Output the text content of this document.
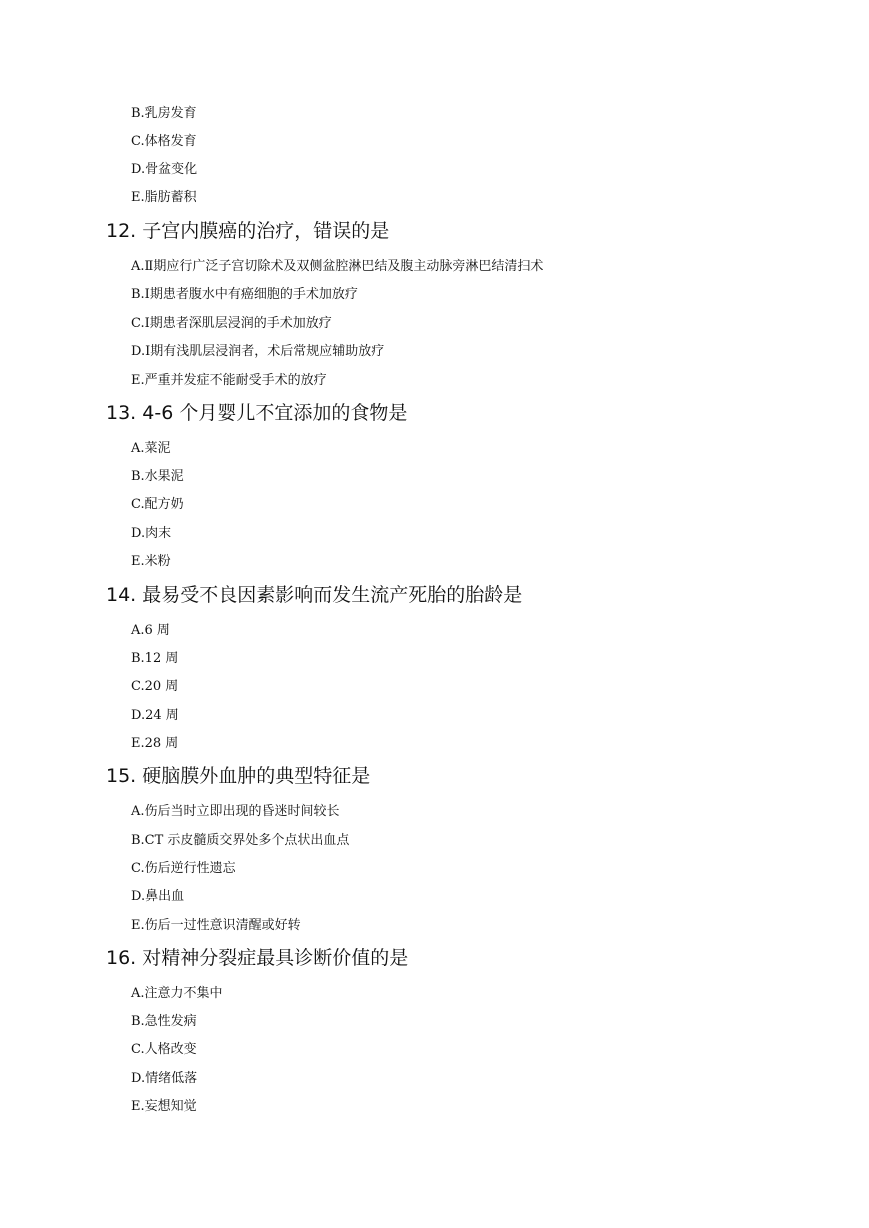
B.乳房发育
C.体格发育
D.骨盆变化
E.脂肪蓄积
12. 子宫内膜癌的治疗，错误的是
A.Ⅱ期应行广泛子宫切除术及双侧盆腔淋巴结及腹主动脉旁淋巴结清扫术
B.Ⅰ期患者腹水中有癌细胞的手术加放疗
C.Ⅰ期患者深肌层浸润的手术加放疗
D.Ⅰ期有浅肌层浸润者，术后常规应辅助放疗
E.严重并发症不能耐受手术的放疗
13. 4-6 个月婴儿不宜添加的食物是
A.菜泥
B.水果泥
C.配方奶
D.肉末
E.米粉
14. 最易受不良因素影响而发生流产死胎的胎龄是
A.6 周
B.12 周
C.20 周
D.24 周
E.28 周
15. 硬脑膜外血肿的典型特征是
A.伤后当时立即出现的昏迷时间较长
B.CT 示皮髓质交界处多个点状出血点
C.伤后逆行性遗忘
D.鼻出血
E.伤后一过性意识清醒或好转
16. 对精神分裂症最具诊断价值的是
A.注意力不集中
B.急性发病
C.人格改变
D.情绪低落
E.妄想知觉
